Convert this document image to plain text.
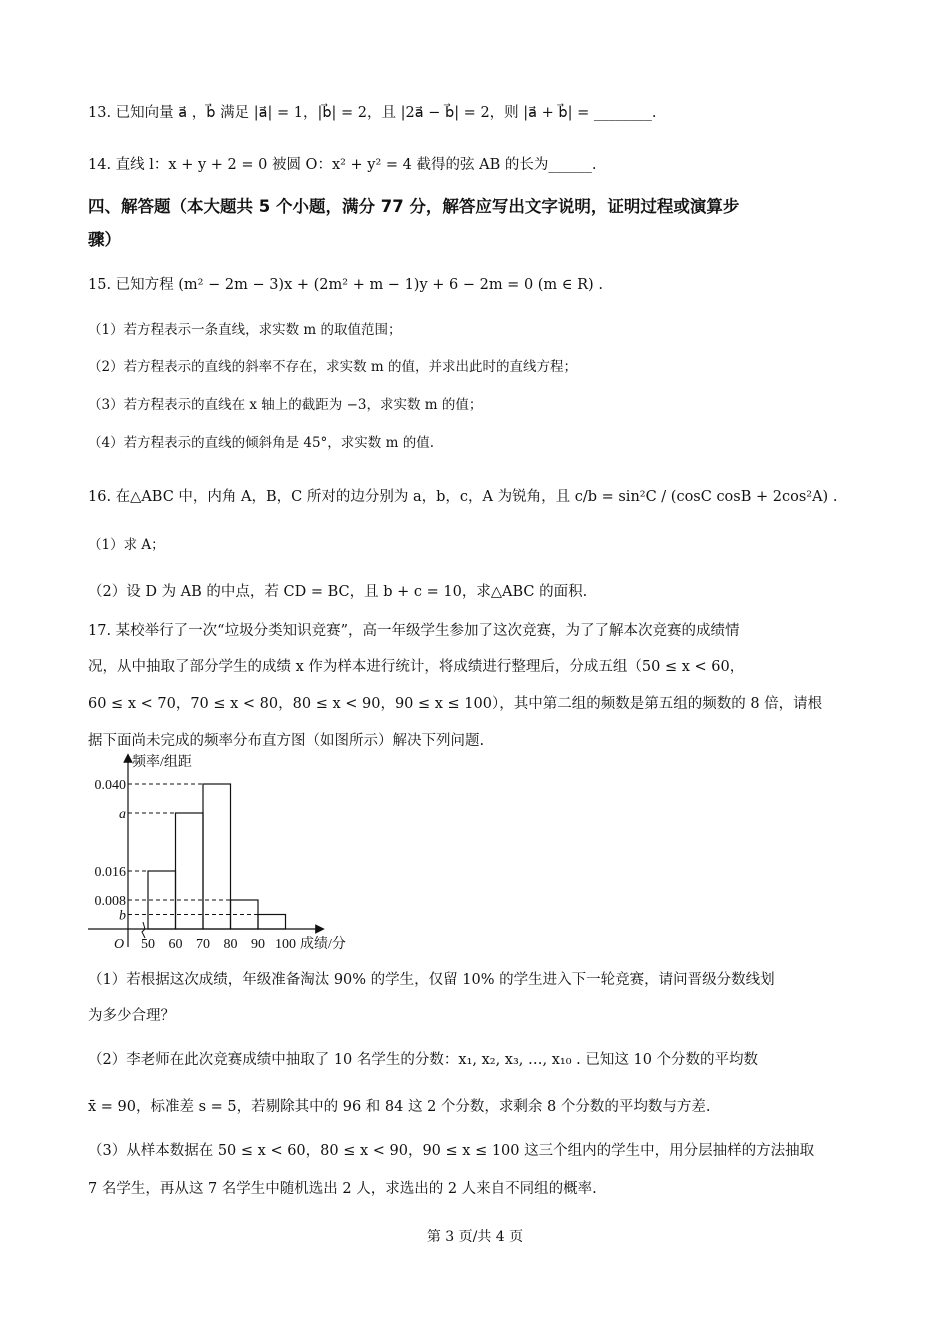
13. 已知向量 a⃗ ，b⃗ 满足 |a⃗| = 1，|b⃗| = 2，且 |2a⃗ − b⃗| = 2，则 |a⃗ + b⃗| = ________.
14. 直线 l：x + y + 2 = 0 被圆 O：x² + y² = 4 截得的弦 AB 的长为______.
四、解答题（本大题共 5 个小题，满分 77 分，解答应写出文字说明，证明过程或演算步
骤）
15. 已知方程 (m² − 2m − 3)x + (2m² + m − 1)y + 6 − 2m = 0 (m ∈ R) .
（1）若方程表示一条直线，求实数 m 的取值范围；
（2）若方程表示的直线的斜率不存在，求实数 m 的值，并求出此时的直线方程；
（3）若方程表示的直线在 x 轴上的截距为 −3，求实数 m 的值；
（4）若方程表示的直线的倾斜角是 45°，求实数 m 的值.
16. 在△ABC 中，内角 A，B，C 所对的边分别为 a，b，c，A 为锐角，且 c/b = sin²C / (cosC cosB + 2cos²A) .
（1）求 A；
（2）设 D 为 AB 的中点，若 CD = BC，且 b + c = 10，求△ABC 的面积.
17. 某校举行了一次“垃圾分类知识竞赛”，高一年级学生参加了这次竞赛，为了了解本次竞赛的成绩情
况，从中抽取了部分学生的成绩 x 作为样本进行统计，将成绩进行整理后，分成五组（50 ≤ x < 60，
60 ≤ x < 70，70 ≤ x < 80，80 ≤ x < 90，90 ≤ x ≤ 100），其中第二组的频数是第五组的频数的 8 倍，请根
据下面尚未完成的频率分布直方图（如图所示）解决下列问题.
频率/组距
O	成绩/分
0.040
a
0.016
0.008
b
50 60 70 80 90 100
（1）若根据这次成绩，年级准备淘汰 90% 的学生，仅留 10% 的学生进入下一轮竞赛，请问晋级分数线划
为多少合理？
（2）李老师在此次竞赛成绩中抽取了 10 名学生的分数：x₁, x₂, x₃, …, x₁₀ . 已知这 10 个分数的平均数
x̄ = 90，标准差 s = 5，若剔除其中的 96 和 84 这 2 个分数，求剩余 8 个分数的平均数与方差.
（3）从样本数据在 50 ≤ x < 60，80 ≤ x < 90，90 ≤ x ≤ 100 这三个组内的学生中，用分层抽样的方法抽取
7 名学生，再从这 7 名学生中随机选出 2 人，求选出的 2 人来自不同组的概率.
第 3 页/共 4 页
